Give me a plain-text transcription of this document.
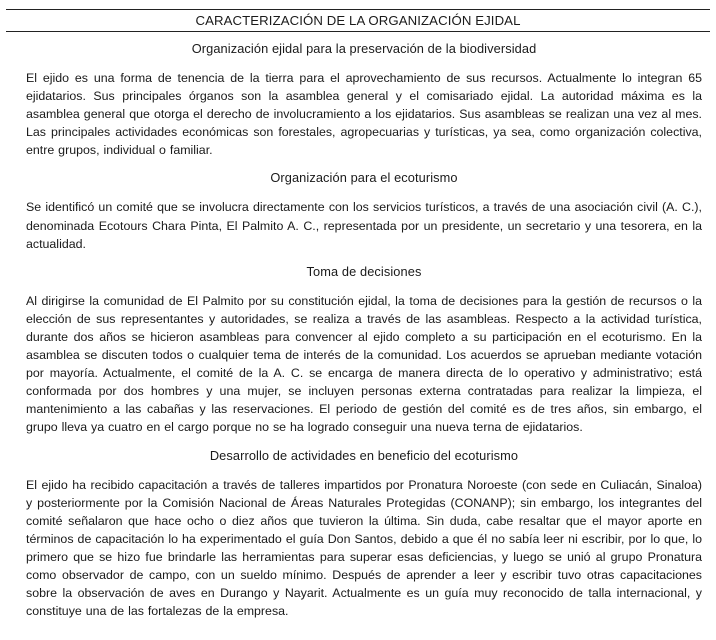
CARACTERIZACIÓN DE LA ORGANIZACIÓN EJIDAL
Organización ejidal para la preservación de la biodiversidad

El ejido es una forma de tenencia de la tierra para el aprovechamiento de sus recursos. Actualmente lo integran 65 ejidatarios. Sus principales órganos son la asamblea general y el comisariado ejidal. La autoridad máxima es la asamblea general que otorga el derecho de involucramiento a los ejidatarios. Sus asambleas se realizan una vez al mes. Las principales actividades económicas son forestales, agropecuarias y turísticas, ya sea, como organización colectiva, entre grupos, individual o familiar.

Organización para el ecoturismo

Se identificó un comité que se involucra directamente con los servicios turísticos, a través de una asociación civil (A. C.), denominada Ecotours Chara Pinta, El Palmito A. C., representada por un presidente, un secretario y una tesorera, en la actualidad.

Toma de decisiones

Al dirigirse la comunidad de El Palmito por su constitución ejidal, la toma de decisiones para la gestión de recursos o la elección de sus representantes y autoridades, se realiza a través de las asambleas. Respecto a la actividad turística, durante dos años se hicieron asambleas para convencer al ejido completo a su participación en el ecoturismo. En la asamblea se discuten todos o cualquier tema de interés de la comunidad. Los acuerdos se aprueban mediante votación por mayoría. Actualmente, el comité de la A. C. se encarga de manera directa de lo operativo y administrativo; está conformada por dos hombres y una mujer, se incluyen personas externa contratadas para realizar la limpieza, el mantenimiento a las cabañas y las reservaciones. El periodo de gestión del comité es de tres años, sin embargo, el grupo lleva ya cuatro en el cargo porque no se ha logrado conseguir una nueva terna de ejidatarios.

Desarrollo de actividades en beneficio del ecoturismo

El ejido ha recibido capacitación a través de talleres impartidos por Pronatura Noroeste (con sede en Culiacán, Sinaloa) y posteriormente por la Comisión Nacional de Áreas Naturales Protegidas (CONANP); sin embargo, los integrantes del comité señalaron que hace ocho o diez años que tuvieron la última. Sin duda, cabe resaltar que el mayor aporte en términos de capacitación lo ha experimentado el guía Don Santos, debido a que él no sabía leer ni escribir, por lo que, lo primero que se hizo fue brindarle las herramientas para superar esas deficiencias, y luego se unió al grupo Pronatura como observador de campo, con un sueldo mínimo. Después de aprender a leer y escribir tuvo otras capacitaciones sobre la observación de aves en Durango y Nayarit. Actualmente es un guía muy reconocido de talla internacional, y constituye una de las fortalezas de la empresa.
